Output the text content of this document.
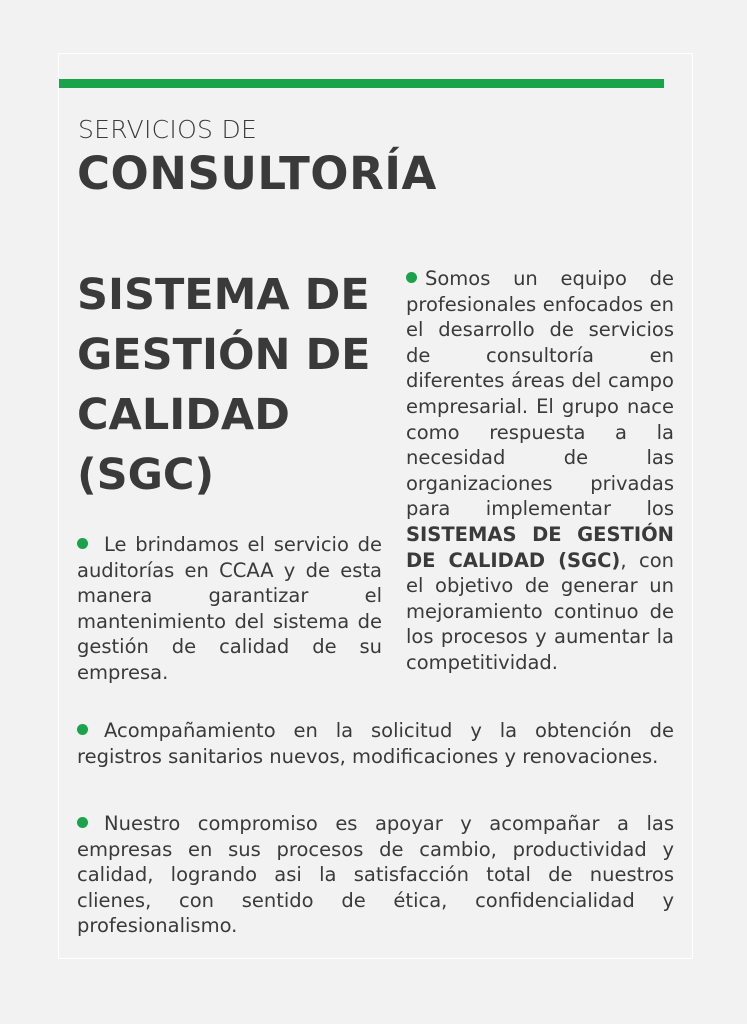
SERVICIOS DE
CONSULTORÍA
SISTEMA DE
GESTIÓN DE
CALIDAD
(SGC)
Somos un equipo de profesionales enfocados en el desarrollo de servicios de consultoría en diferentes áreas del campo empresarial. El grupo nace como respuesta a la necesidad de las organizaciones privadas para implementar los SISTEMAS DE GESTIÓN DE CALIDAD (SGC), con el objetivo de generar un mejoramiento continuo de los procesos y aumentar la competitividad.
Le brindamos el servicio de auditorías en CCAA y de esta manera garantizar el mantenimiento del sistema de gestión de calidad de su empresa.
Acompañamiento en la solicitud y la obtención de registros sanitarios nuevos, modificaciones y renovaciones.
Nuestro compromiso es apoyar y acompañar a las empresas en sus procesos de cambio, productividad y calidad, logrando asi la satisfacción total de nuestros clienes, con sentido de ética, confidencialidad y profesionalismo.
